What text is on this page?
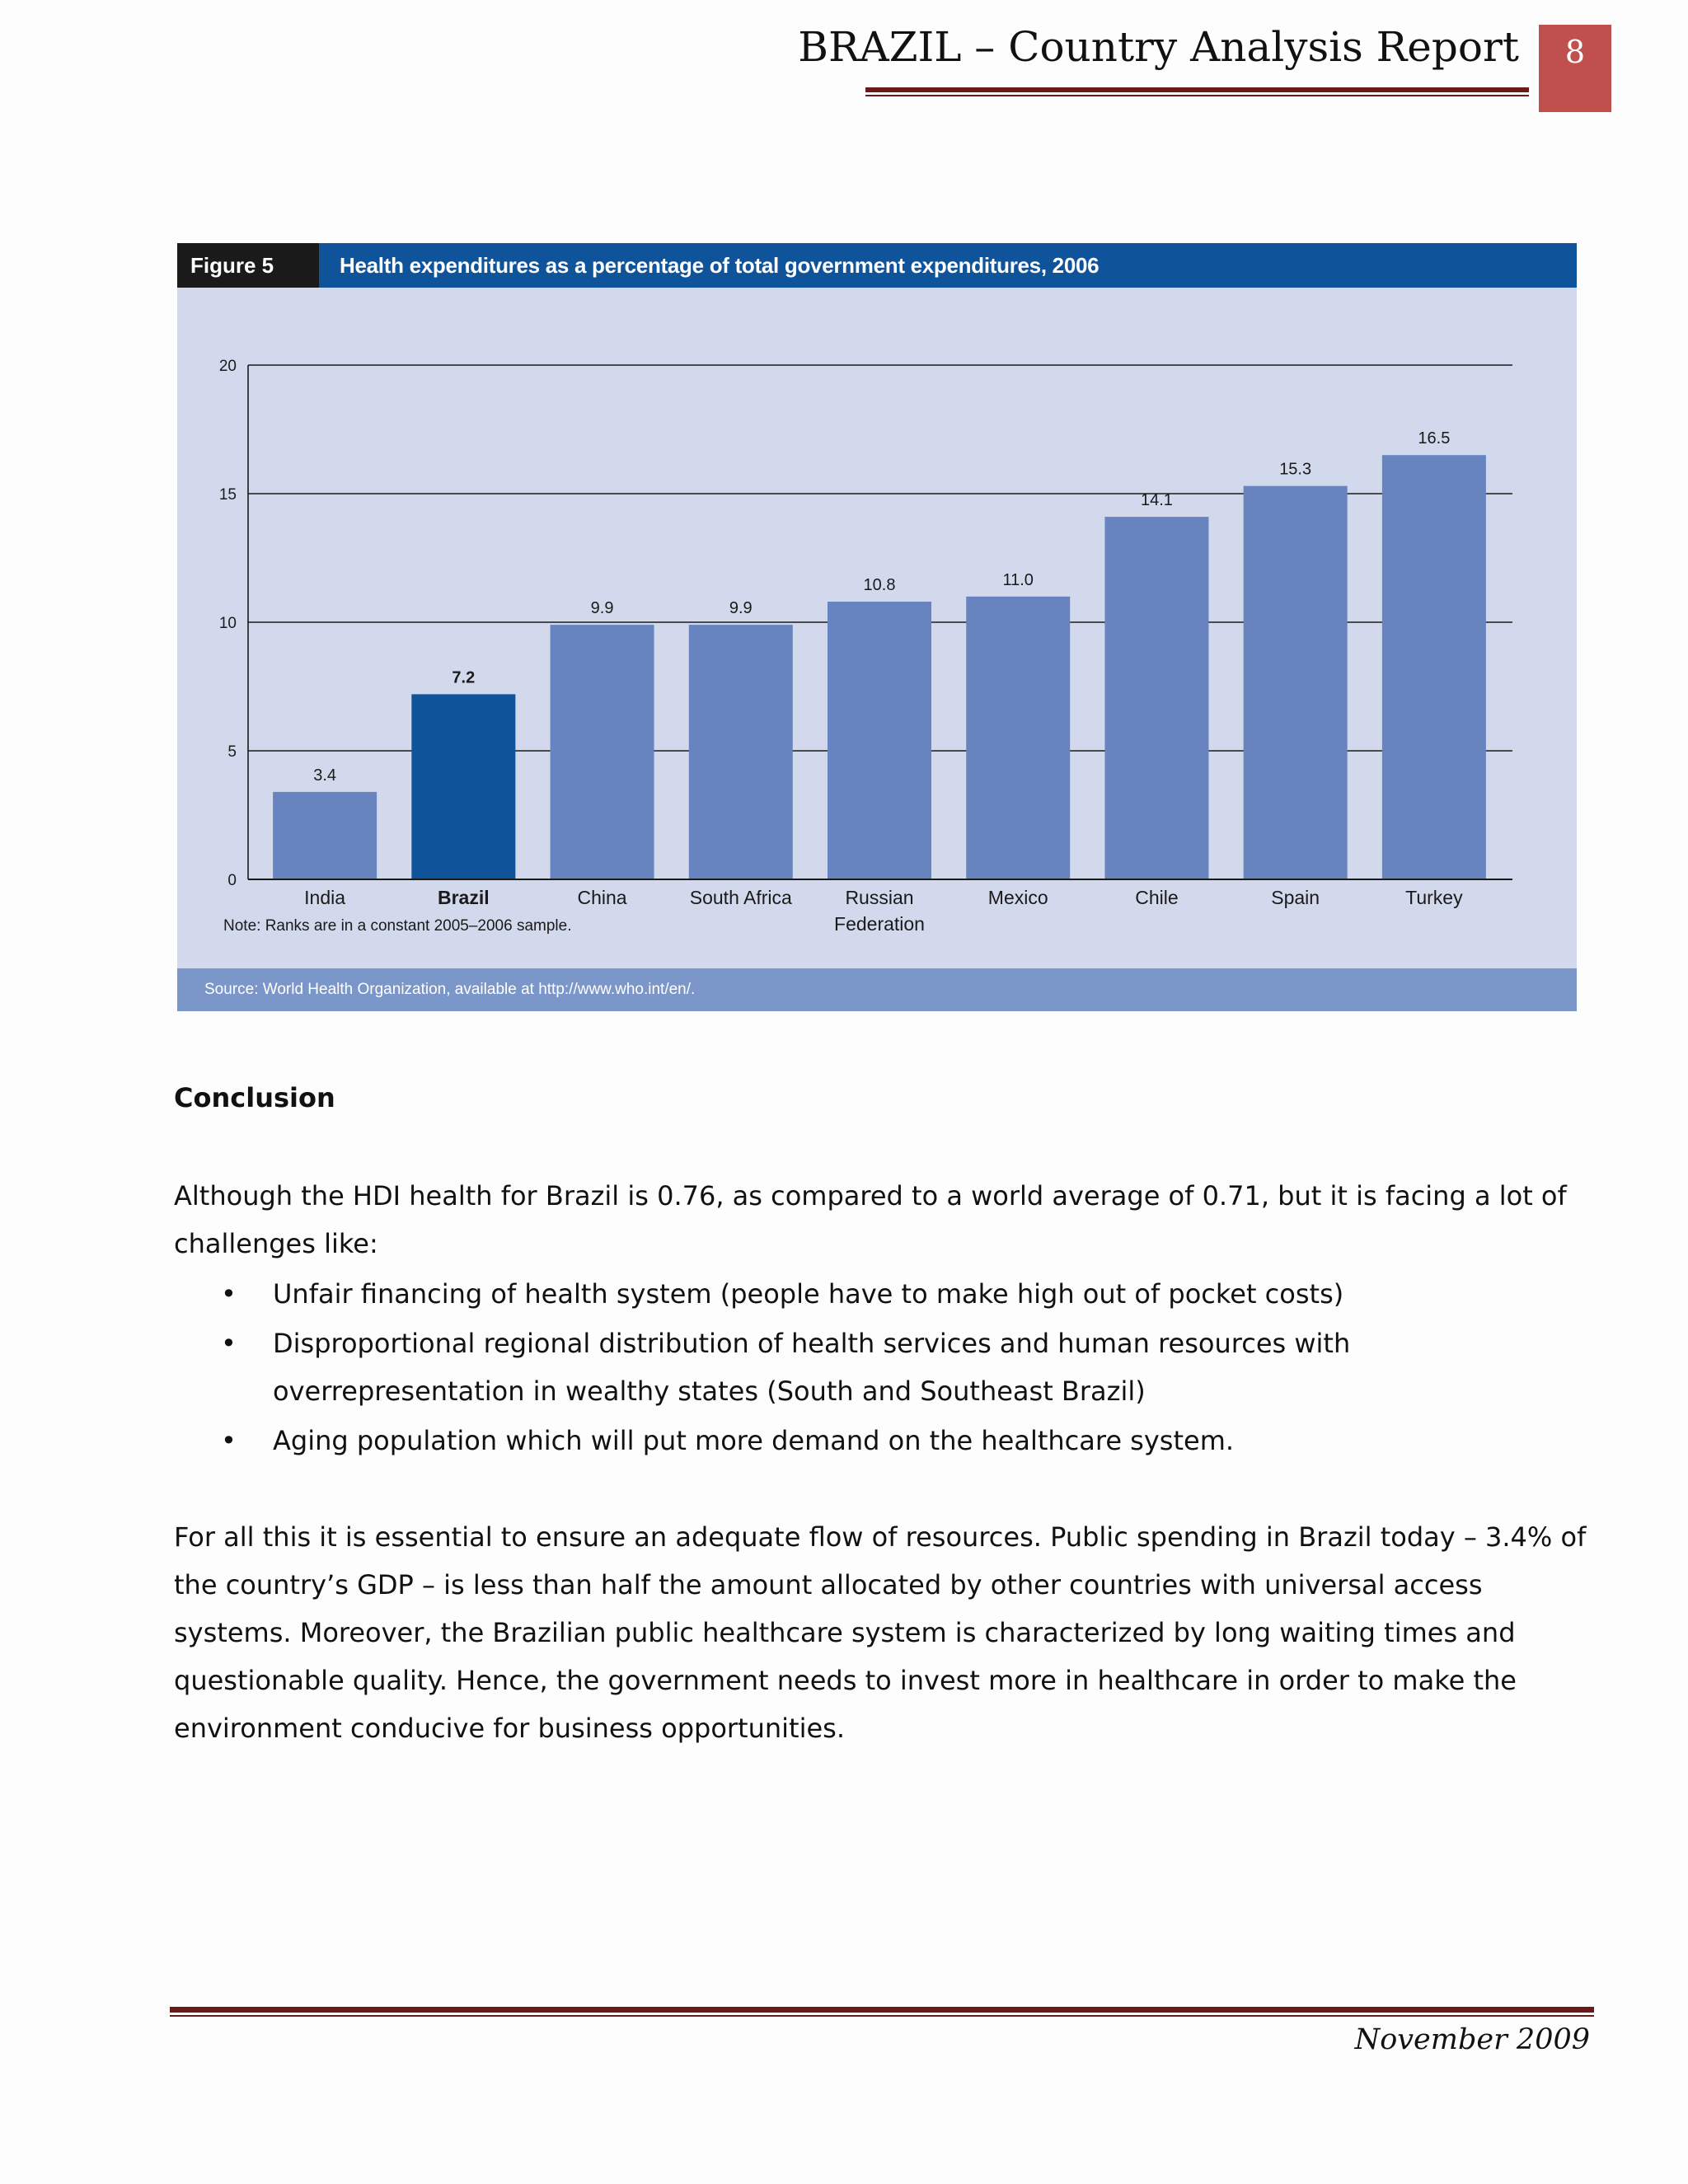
BRAZIL – Country Analysis Report	8
Figure 5	Health expenditures as a percentage of total government expenditures, 2006
0
5
10
15
20
3.4
India
7.2
Brazil
9.9
China
9.9
South Africa
10.8
Russian
Federation
11.0
Mexico
14.1
Chile
15.3
Spain
16.5
Turkey
Note: Ranks are in a constant 2005–2006 sample.
Source: World Health Organization, available at http://www.who.int/en/.
Conclusion
Although the HDI health for Brazil is 0.76, as compared to a world average of 0.71, but it is facing a lot of challenges like:
• Unfair financing of health system (people have to make high out of pocket costs)
• Disproportional regional distribution of health services and human resources with overrepresentation in wealthy states (South and Southeast Brazil)
• Aging population which will put more demand on the healthcare system.
For all this it is essential to ensure an adequate flow of resources. Public spending in Brazil today – 3.4% of the country’s GDP – is less than half the amount allocated by other countries with universal access systems. Moreover, the Brazilian public healthcare system is characterized by long waiting times and questionable quality. Hence, the government needs to invest more in healthcare in order to make the environment conducive for business opportunities.
November 2009
